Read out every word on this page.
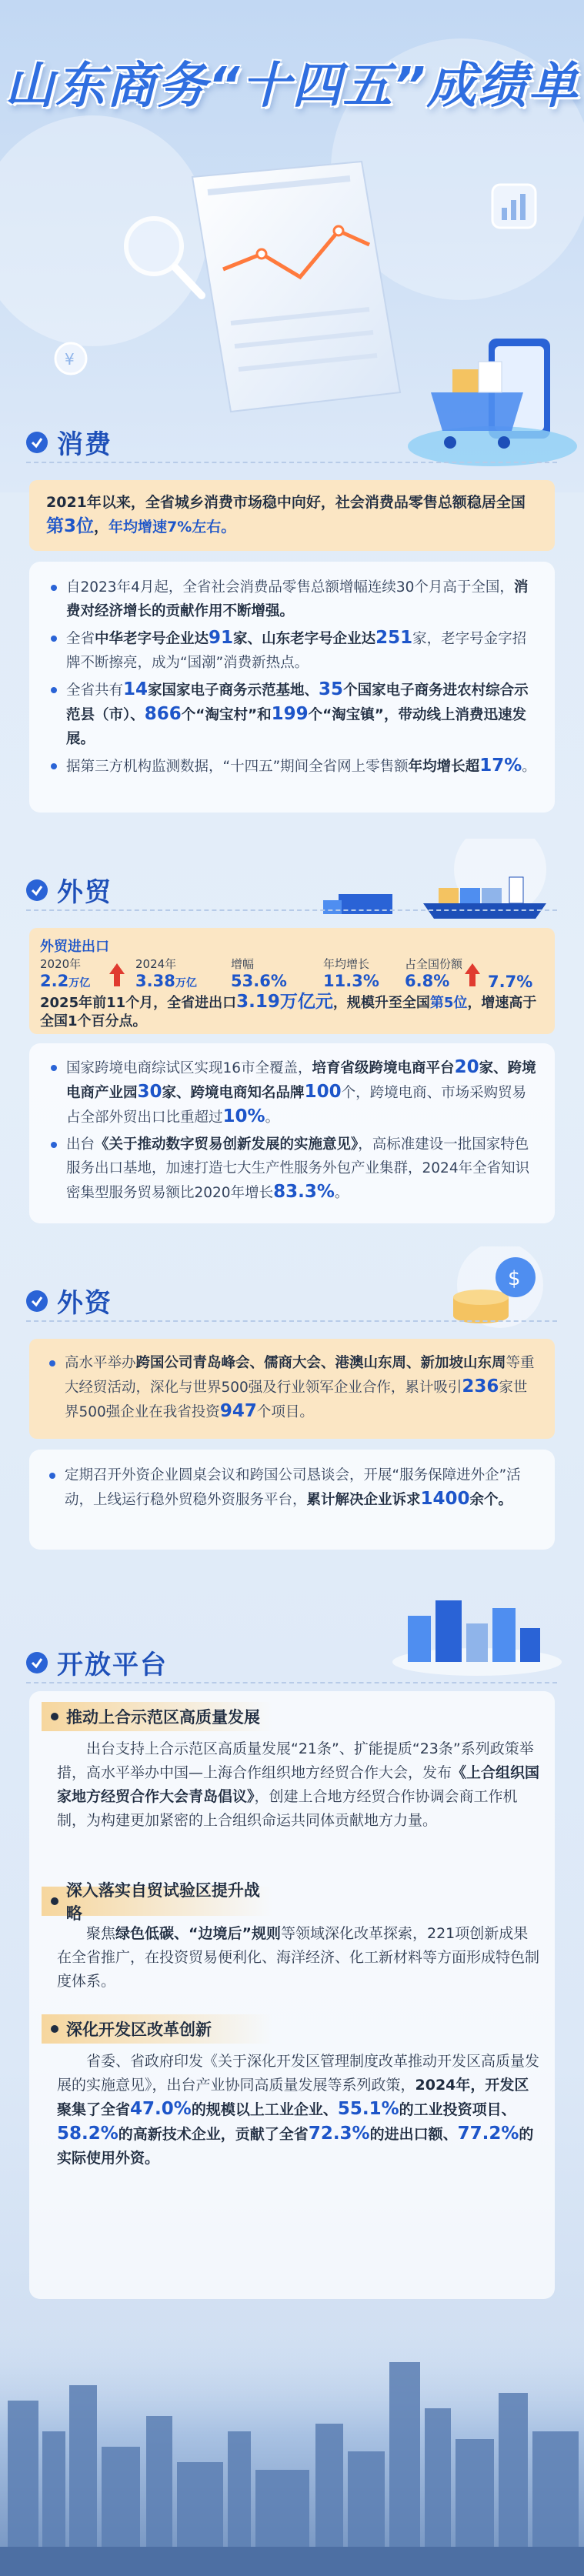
¥
山东商务“十四五”成绩单
消费
2021年以来，全省城乡消费市场稳中向好，社会消费品零售总额稳居全国第3位，年均增速7%左右。
自2023年4月起，全省社会消费品零售总额增幅连续30个月高于全国，消费对经济增长的贡献作用不断增强。
全省中华老字号企业达91家、山东老字号企业达251家，老字号金字招牌不断擦亮，成为“国潮”消费新热点。
全省共有14家国家电子商务示范基地、35个国家电子商务进农村综合示范县（市）、866个“淘宝村”和199个“淘宝镇”，带动线上消费迅速发展。
据第三方机构监测数据，“十四五”期间全省网上零售额年均增长超17%。
外贸
外贸进出口
2020年
2.2万亿
2024年
3.38万亿
增幅
53.6%
年均增长
11.3%
占全国份额
6.8%	7.7%
2025年前11个月，全省进出口3.19万亿元，规模升至全国第5位，增速高于全国1个百分点。
国家跨境电商综试区实现16市全覆盖，培育省级跨境电商平台20家、跨境电商产业园30家、跨境电商知名品牌100个，跨境电商、市场采购贸易占全部外贸出口比重超过10%。
出台《关于推动数字贸易创新发展的实施意见》，高标准建设一批国家特色服务出口基地，加速打造七大生产性服务外包产业集群，2024年全省知识密集型服务贸易额比2020年增长83.3%。
$
外资
高水平举办跨国公司青岛峰会、儒商大会、港澳山东周、新加坡山东周等重大经贸活动，深化与世界500强及行业领军企业合作，累计吸引236家世界500强企业在我省投资947个项目。
定期召开外资企业圆桌会议和跨国公司恳谈会，开展“服务保障进外企”活动，上线运行稳外贸稳外资服务平台，累计解决企业诉求1400余个。
开放平台
推动上合示范区高质量发展
出台支持上合示范区高质量发展“21条”、扩能提质“23条”系列政策举措，高水平举办中国—上海合作组织地方经贸合作大会，发布《上合组织国家地方经贸合作大会青岛倡议》，创建上合地方经贸合作协调会商工作机制，为构建更加紧密的上合组织命运共同体贡献地方力量。
深入落实自贸试验区提升战略
聚焦绿色低碳、“边境后”规则等领域深化改革探索，221项创新成果在全省推广，在投资贸易便利化、海洋经济、化工新材料等方面形成特色制度体系。
深化开发区改革创新
省委、省政府印发《关于深化开发区管理制度改革推动开发区高质量发展的实施意见》，出台产业协同高质量发展等系列政策，2024年，开发区聚集了全省47.0%的规模以上工业企业、55.1%的工业投资项目、58.2%的高新技术企业，贡献了全省72.3%的进出口额、77.2%的实际使用外资。
